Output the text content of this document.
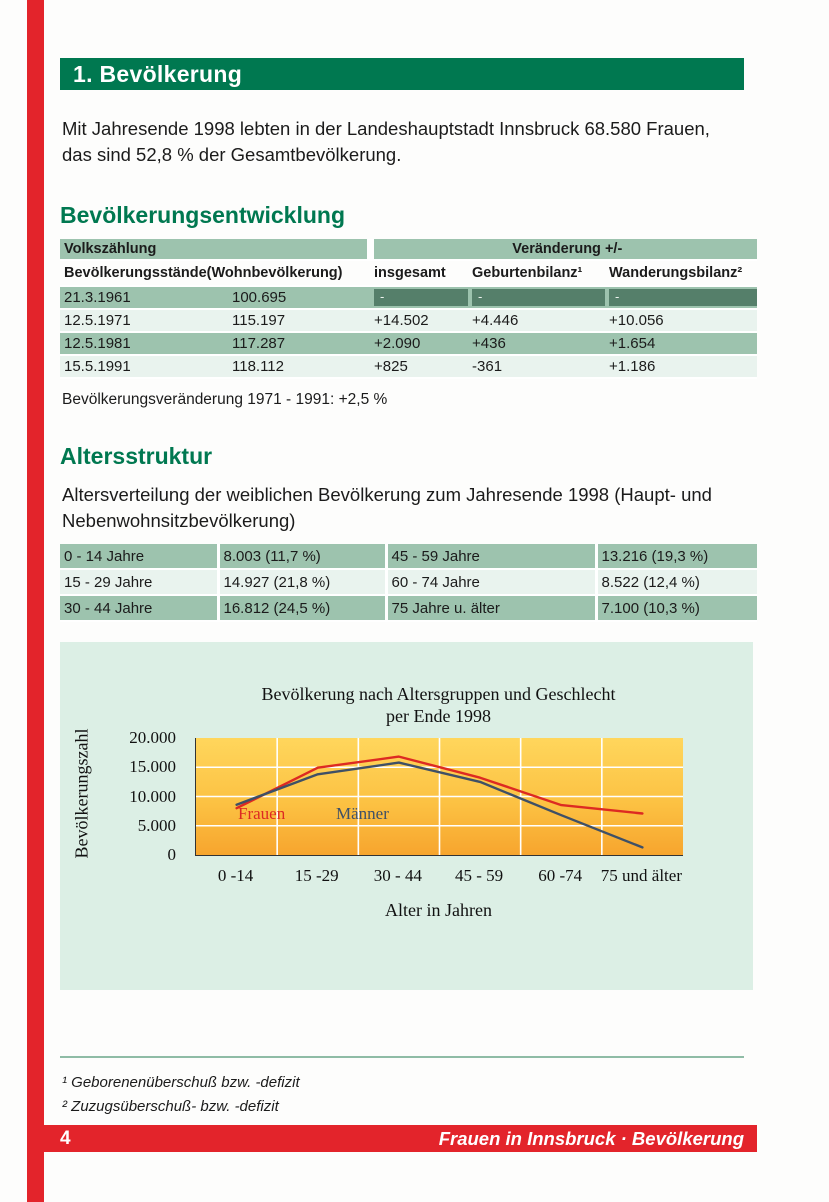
1. Bevölkerung

Mit Jahresende 1998 lebten in der Landeshauptstadt Innsbruck 68.580 Frauen, das sind 52,8 % der Gesamtbevölkerung.

Bevölkerungsentwicklung
Volkszählung		Veränderung +/-		
Bevölkerungsstände(Wohnbevölkerung)		insgesamt	Geburtenbilanz¹	Wanderungsbilanz²
21.3.1961	100.695	-	-	-

12.5.1971	115.197	+14.502	+4.446	+10.056
12.5.1981	117.287	+2.090	+436	+1.654
15.5.1991	118.112	+825	-361	+1.186

Bevölkerungsveränderung 1971 - 1991: +2,5 %

Altersstruktur

Altersverteilung der weiblichen Bevölkerung zum Jahresende 1998 (Haupt- und Nebenwohnsitzbevölkerung)

0 - 14 Jahre	8.003 (11,7 %)	45 - 59 Jahre	13.216 (19,3 %)
15 - 29 Jahre	14.927 (21,8 %)	60 - 74 Jahre	8.522 (12,4 %)
30 - 44 Jahre	16.812 (24,5 %)	75 Jahre u. älter	7.100 (10,3 %)
Bevölkerung nach Altersgruppen und Geschlecht
per Ende 1998
Bevölkerungszahl 20.000
15.000
10.000
5.000
0
Frauen	Männer
0 -14	15 -29	30 - 44	45 - 59	60 -74	75 und älter
Alter in Jahren

¹ Geborenenüberschuß bzw. -defizit

² Zuzugsüberschuß- bzw. -defizit

4	Frauen in Innsbruck · Bevölkerung
